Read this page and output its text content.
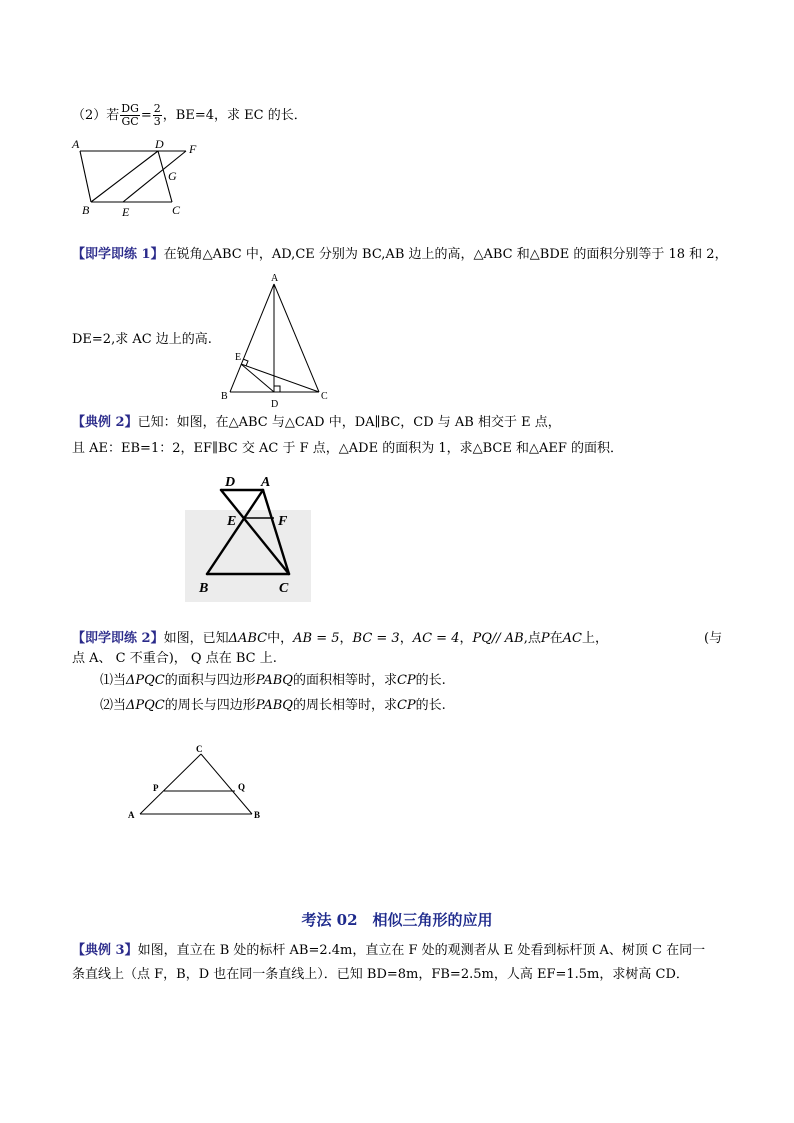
（2）若 $\frac{DG}{GC} = \frac{2}{3}$ ，BE=4，求 EC 的长．
A	D F
G
B	E	C
【即学即练 1】在锐角△ABC 中，AD,CE 分别为 BC,AB 边上的高，△ABC 和△BDE 的面积分别等于 18 和 2，
DE=2,求 AC 边上的高.
A
E
B
D
C
【典例 2】已知：如图，在△ABC 与△CAD 中，DA∥BC，CD 与 AB 相交于 E 点，
且 AE：EB=1：2，EF∥BC 交 AC 于 F 点，△ADE 的面积为 1，求△BCE 和△AEF 的面积．
D A
E	F
B	C
【即学即练 2】如图，已知ΔABC中，AB = 5，BC = 3，AC = 4，PQ// AB,点P在AC上，	(与
点 A、 C 不重合)， Q 点在 BC 上.
⑴当ΔPQC的面积与四边形PABQ的面积相等时，求CP的长.
⑵当ΔPQC的周长与四边形PABQ的周长相等时，求CP的长.
C
P	Q
A	B
考法 02　相似三角形的应用
【典例 3】如图，直立在 B 处的标杆 AB=2.4m，直立在 F 处的观测者从 E 处看到标杆顶 A、树顶 C 在同一
条直线上（点 F，B，D 也在同一条直线上）．已知 BD=8m，FB=2.5m，人高 EF=1.5m，求树高 CD．
